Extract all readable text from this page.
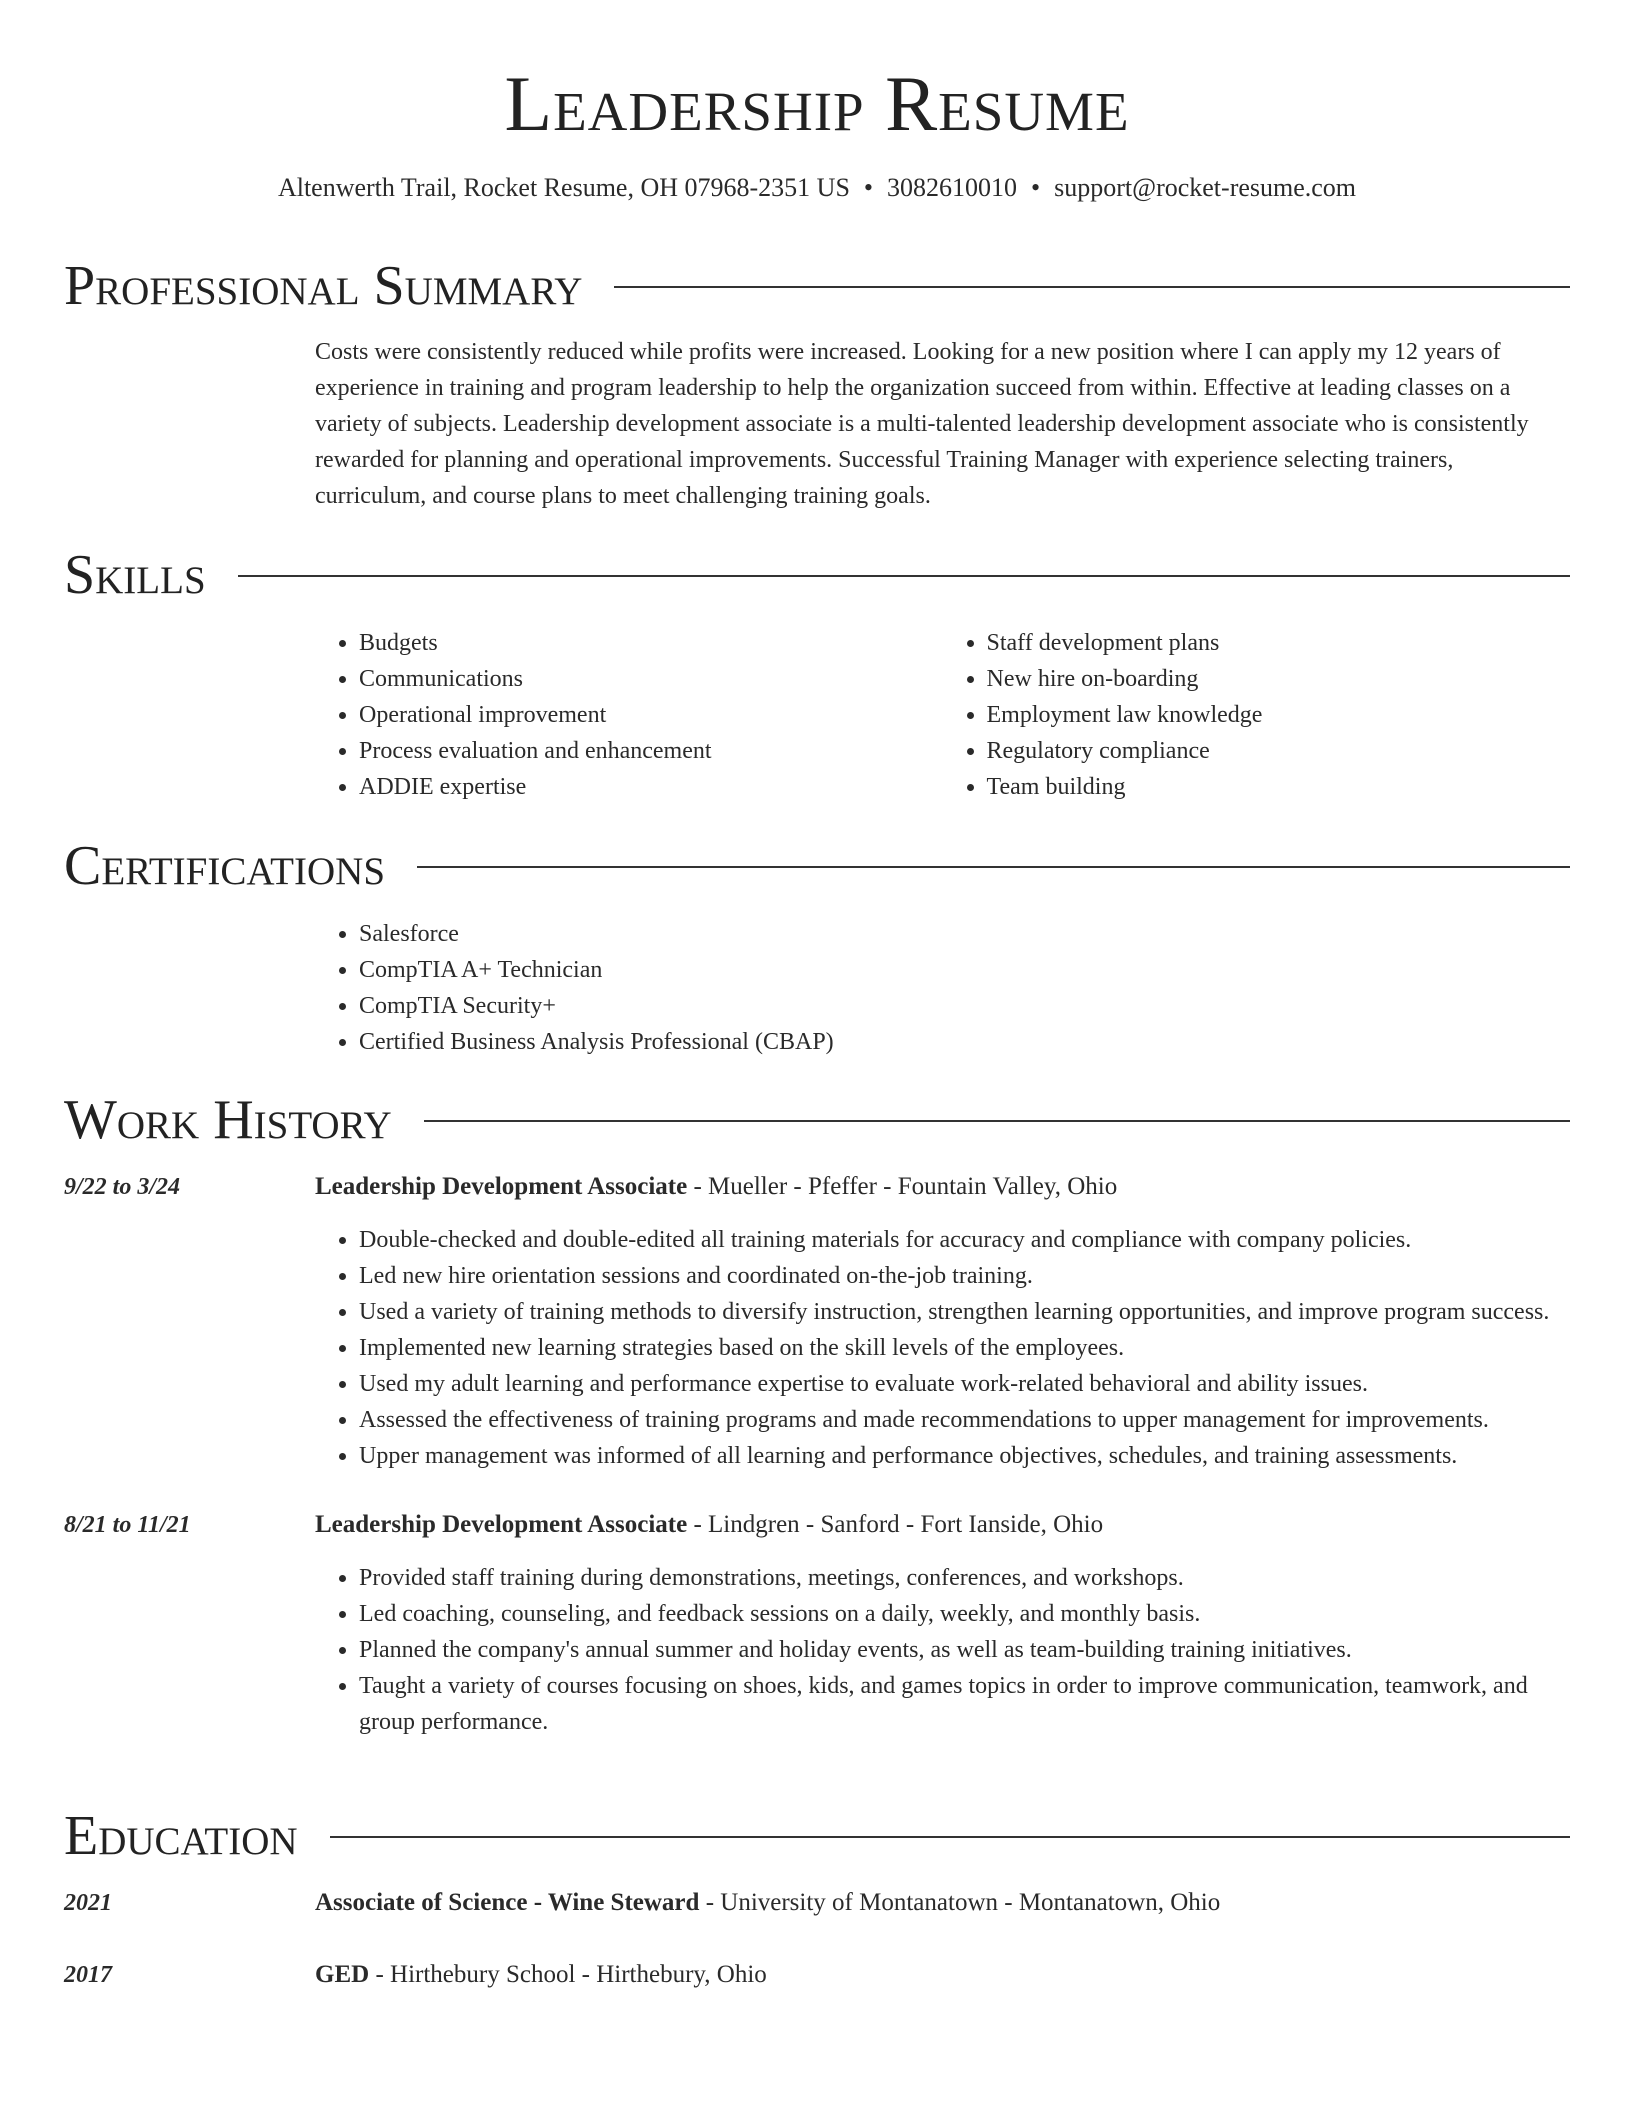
Leadership Resume
Altenwerth Trail, Rocket Resume, OH 07968-2351 US • 3082610010 • support@rocket-resume.com
Professional Summary

Costs were consistently reduced while profits were increased. Looking for a new position where I can apply my 12 years of experience in training and program leadership to help the organization succeed from within. Effective at leading classes on a variety of subjects. Leadership development associate is a multi-talented leadership development associate who is consistently rewarded for planning and operational improvements. Successful Training Manager with experience selecting trainers, curriculum, and course plans to meet challenging training goals.

Skills
• Budgets
• Communications
• Operational improvement
• Process evaluation and enhancement
• ADDIE expertise
• Staff development plans
• New hire on-boarding
• Employment law knowledge
• Regulatory compliance
• Team building
Certifications
• Salesforce
• CompTIA A+ Technician
• CompTIA Security+
• Certified Business Analysis Professional (CBAP)
Work History
9/22 to 3/24	Leadership Development Associate - Mueller - Pfeffer - Fountain Valley, Ohio
• Double-checked and double-edited all training materials for accuracy and compliance with company policies.
• Led new hire orientation sessions and coordinated on-the-job training.
• Used a variety of training methods to diversify instruction, strengthen learning opportunities, and improve program success.
• Implemented new learning strategies based on the skill levels of the employees.
• Used my adult learning and performance expertise to evaluate work-related behavioral and ability issues.
• Assessed the effectiveness of training programs and made recommendations to upper management for improvements.
• Upper management was informed of all learning and performance objectives, schedules, and training assessments.
8/21 to 11/21	Leadership Development Associate - Lindgren - Sanford - Fort Ianside, Ohio
• Provided staff training during demonstrations, meetings, conferences, and workshops.
• Led coaching, counseling, and feedback sessions on a daily, weekly, and monthly basis.
• Planned the company's annual summer and holiday events, as well as team-building training initiatives.
• Taught a variety of courses focusing on shoes, kids, and games topics in order to improve communication, teamwork, and group performance.
Education
2021	Associate of Science - Wine Steward - University of Montanatown - Montanatown, Ohio
2017	GED - Hirthebury School - Hirthebury, Ohio
